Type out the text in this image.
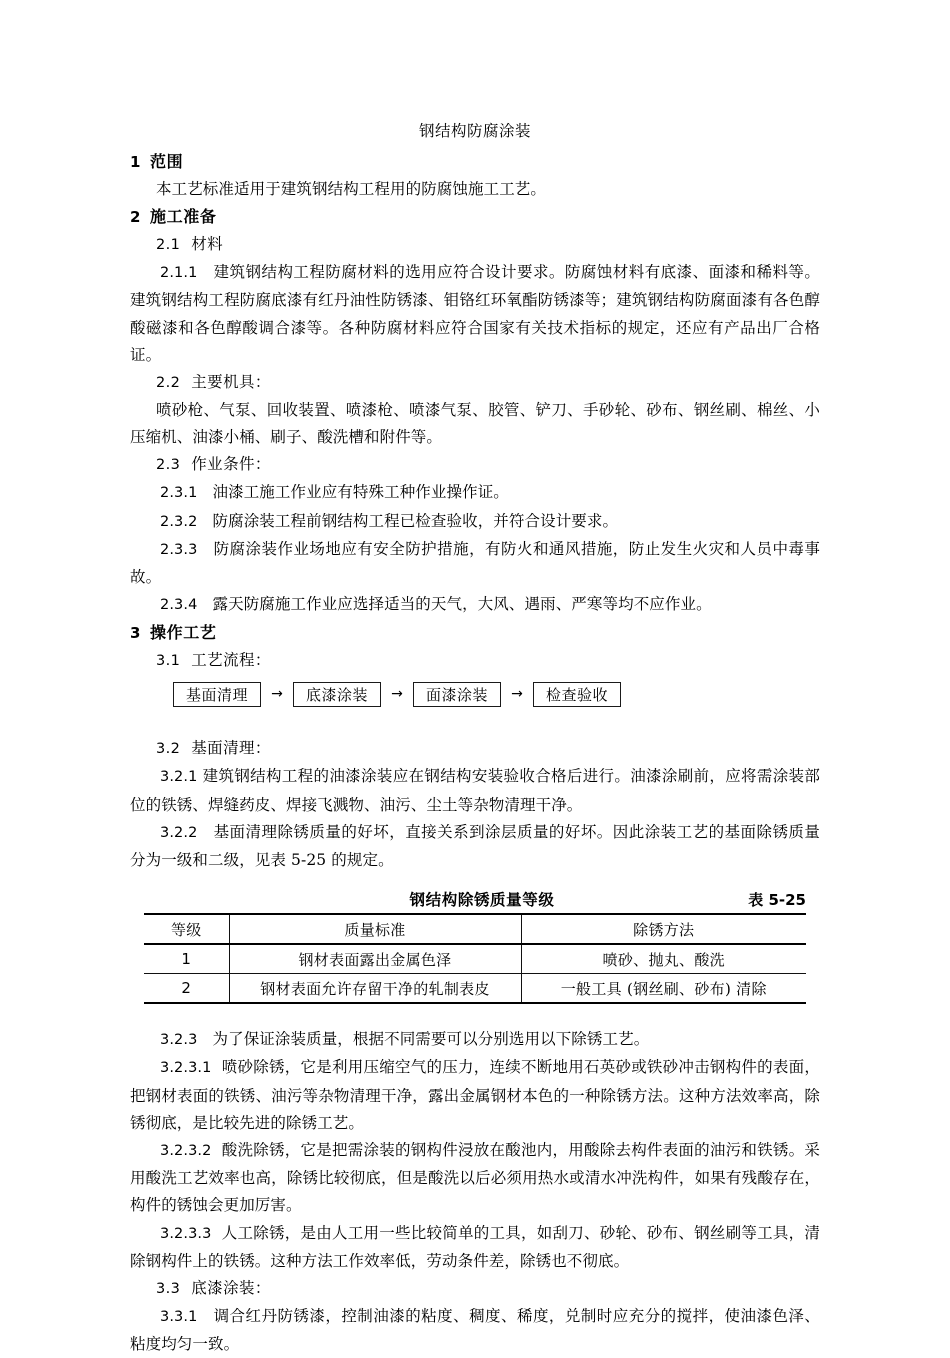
钢结构防腐涂装
1 范围
本工艺标准适用于建筑钢结构工程用的防腐蚀施工工艺。
2 施工准备
2.1 材料
2.1.1 建筑钢结构工程防腐材料的选用应符合设计要求。防腐蚀材料有底漆、面漆和稀料等。建筑钢结构工程防腐底漆有红丹油性防锈漆、钼铬红环氧酯防锈漆等；建筑钢结构防腐面漆有各色醇酸磁漆和各色醇酸调合漆等。各种防腐材料应符合国家有关技术指标的规定，还应有产品出厂合格证。
2.2 主要机具：
喷砂枪、气泵、回收装置、喷漆枪、喷漆气泵、胶管、铲刀、手砂轮、砂布、钢丝刷、棉丝、小压缩机、油漆小桶、刷子、酸洗槽和附件等。
2.3 作业条件：
2.3.1 油漆工施工作业应有特殊工种作业操作证。
2.3.2 防腐涂装工程前钢结构工程已检查验收，并符合设计要求。
2.3.3 防腐涂装作业场地应有安全防护措施，有防火和通风措施，防止发生火灾和人员中毒事故。
2.3.4 露天防腐施工作业应选择适当的天气，大风、遇雨、严寒等均不应作业。
3 操作工艺
3.1 工艺流程：
基面清理	→	底漆涂装	→	面漆涂装	→	检查验收
3.2 基面清理：
3.2.1 建筑钢结构工程的油漆涂装应在钢结构安装验收合格后进行。油漆涂刷前，应将需涂装部位的铁锈、焊缝药皮、焊接飞溅物、油污、尘土等杂物清理干净。
3.2.2 基面清理除锈质量的好坏，直接关系到涂层质量的好坏。因此涂装工艺的基面除锈质量分为一级和二级，见表 5-25 的规定。
钢结构除锈质量等级	表 5-25
等级	质量标准	除锈方法
1	钢材表面露出金属色泽	喷砂、抛丸、酸洗
2	钢材表面允许存留干净的轧制表皮	一般工具 (钢丝刷、砂布) 清除
3.2.3 为了保证涂装质量，根据不同需要可以分别选用以下除锈工艺。
3.2.3.1 喷砂除锈，它是利用压缩空气的压力，连续不断地用石英砂或铁砂冲击钢构件的表面，把钢材表面的铁锈、油污等杂物清理干净，露出金属钢材本色的一种除锈方法。这种方法效率高，除锈彻底，是比较先进的除锈工艺。
3.2.3.2 酸洗除锈，它是把需涂装的钢构件浸放在酸池内，用酸除去构件表面的油污和铁锈。采用酸洗工艺效率也高，除锈比较彻底，但是酸洗以后必须用热水或清水冲洗构件，如果有残酸存在，构件的锈蚀会更加厉害。
3.2.3.3 人工除锈，是由人工用一些比较简单的工具，如刮刀、砂轮、砂布、钢丝刷等工具，清除钢构件上的铁锈。这种方法工作效率低，劳动条件差，除锈也不彻底。
3.3 底漆涂装：
3.3.1 调合红丹防锈漆，控制油漆的粘度、稠度、稀度，兑制时应充分的搅拌，使油漆色泽、粘度均匀一致。
